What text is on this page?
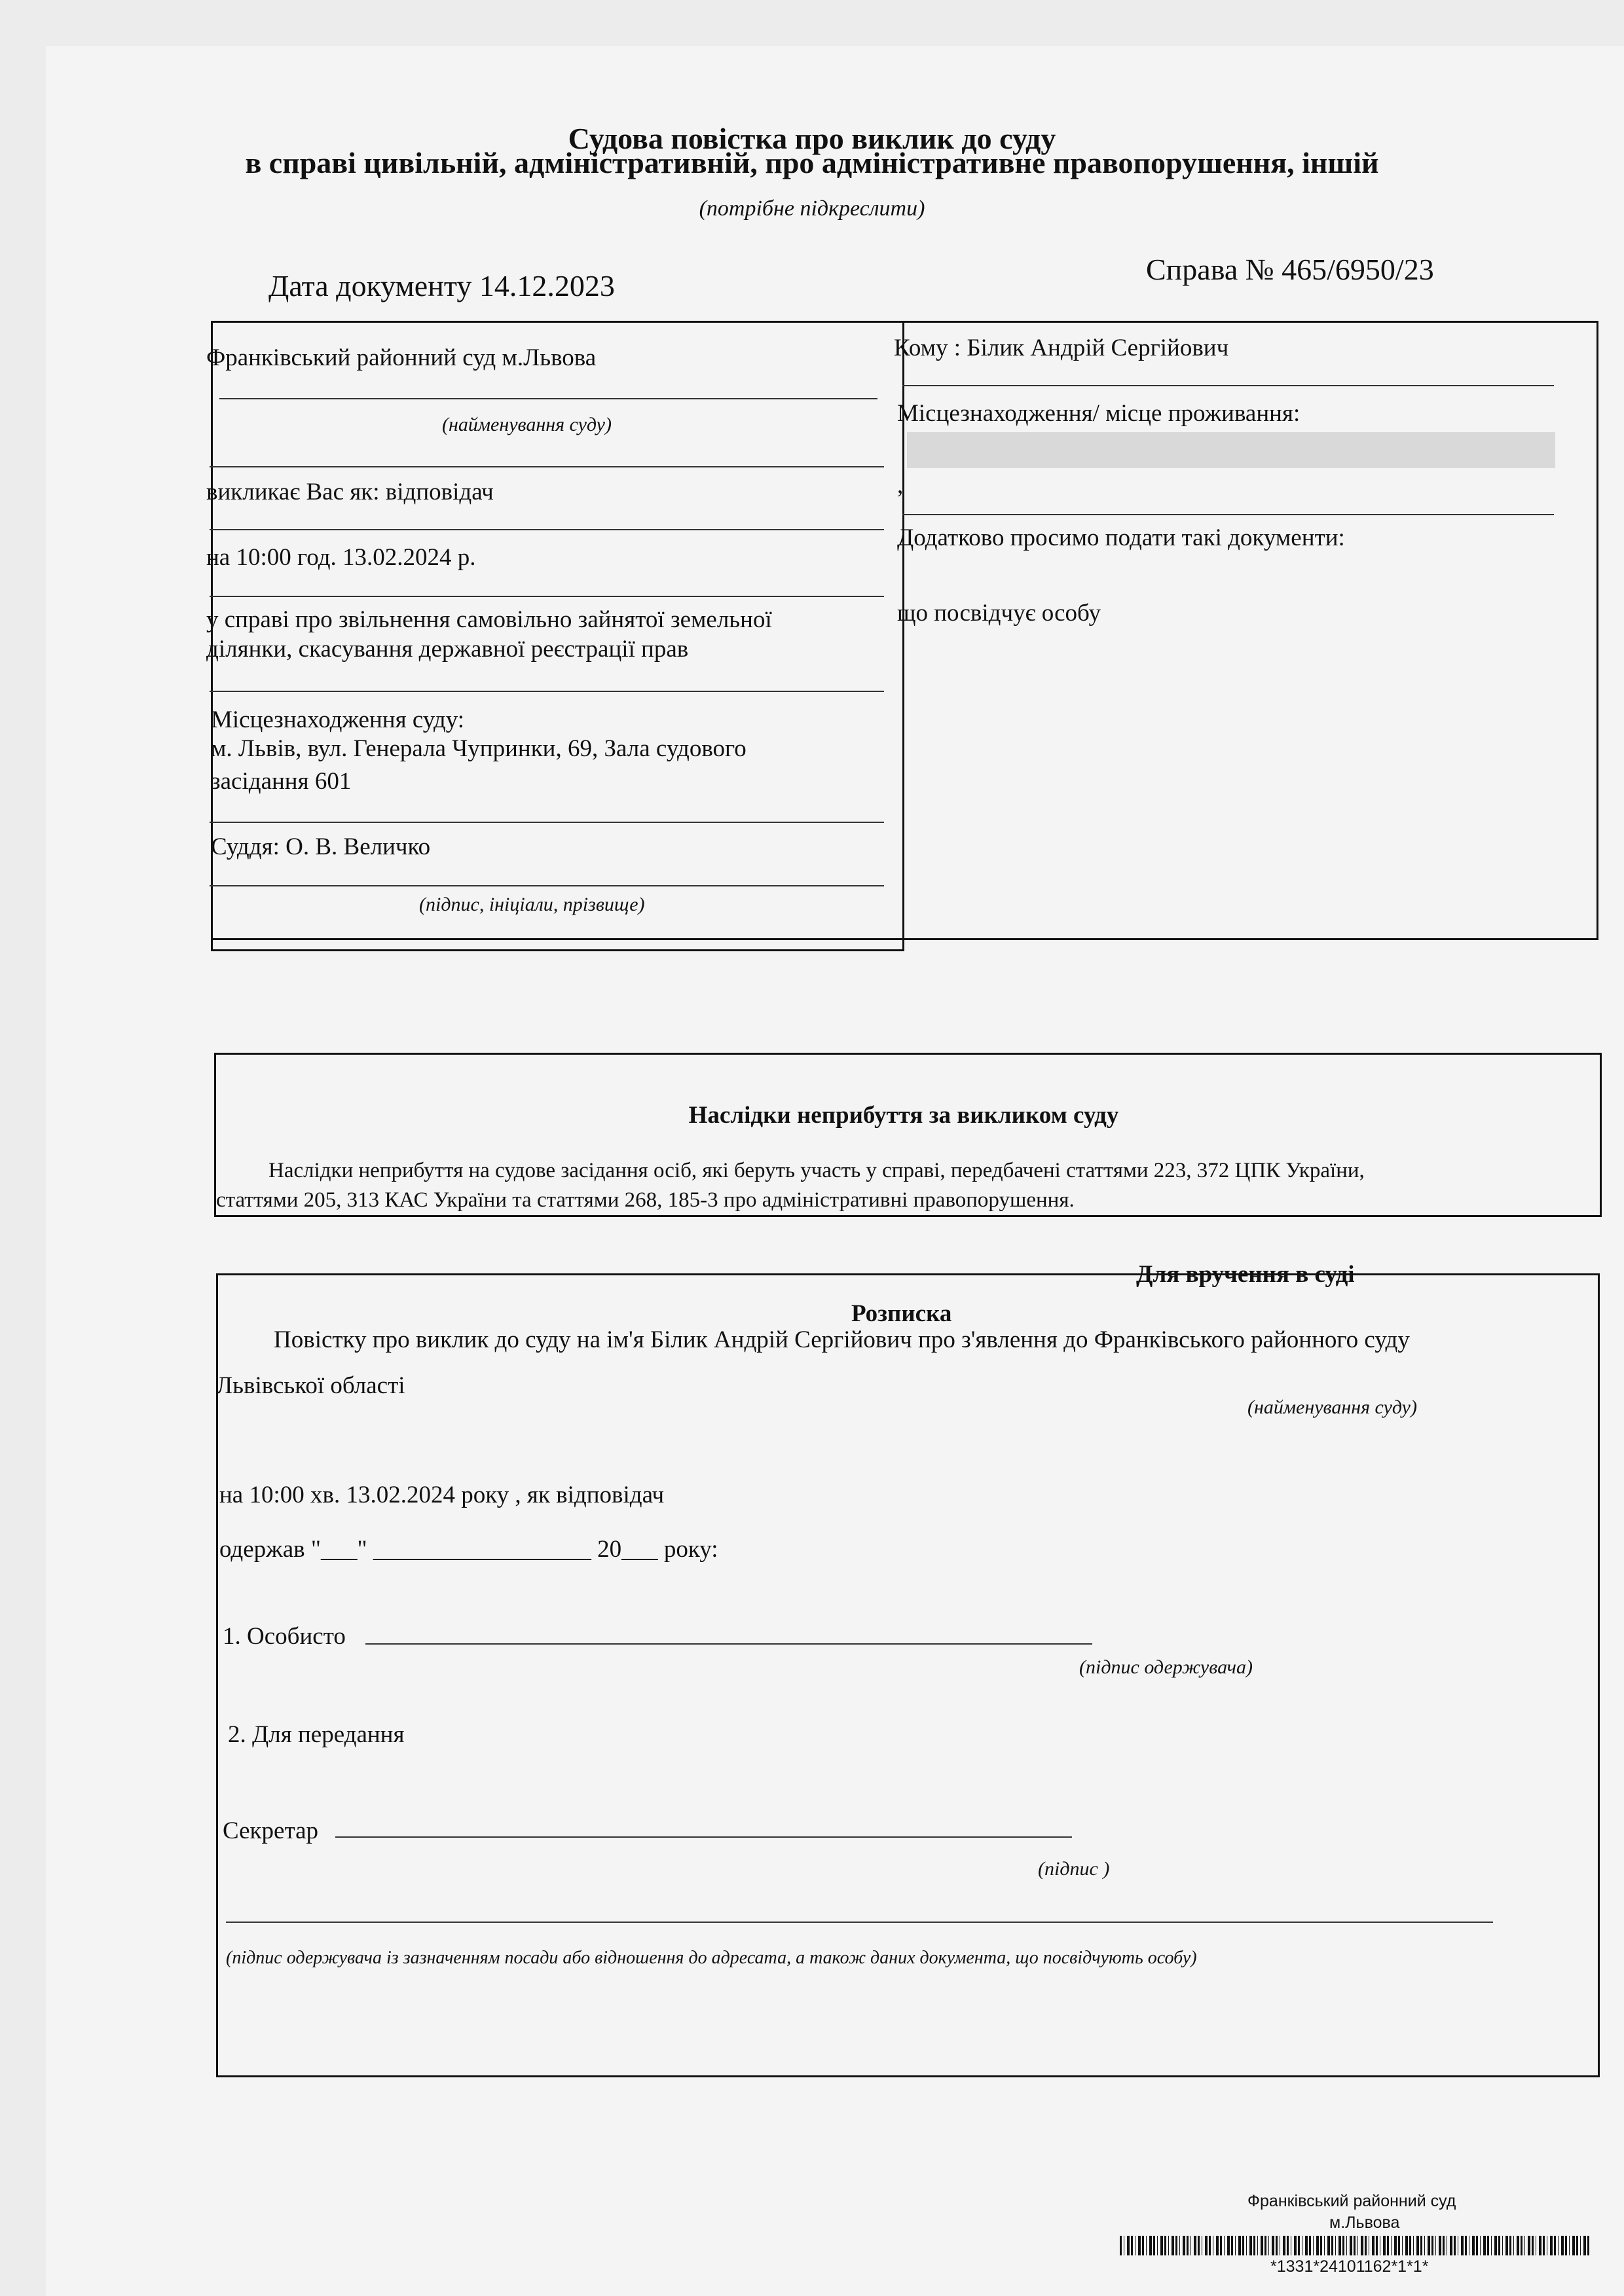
Судова повістка про виклик до суду
в справі цивільній, адміністративній, про адміністративне правопорушення, іншій
(потрібне підкреслити)
Дата документу 14.12.2023	Справа № 465/6950/23
Франківський районний суд м.Львова
(найменування суду)
викликає Вас як: відповідач
на 10:00 год. 13.02.2024 р.
у справі про звільнення самовільно зайнятої земельної
ділянки, скасування державної реєстрації прав
Місцезнаходження суду:
м. Львів, вул. Генерала Чупринки, 69, Зала судового
засідання 601
Суддя: О. В. Величко
(підпис, ініціали, прізвище)
Кому : Білик Андрій Сергійович
Місцезнаходження/ місце проживання:
,
Додатково просимо подати такі документи:
що посвідчує особу
Наслідки неприбуття за викликом суду
Наслідки неприбуття на судове засідання осіб, які беруть участь у справі, передбачені статтями 223, 372 ЦПК України,
статтями 205, 313 КАС України та статтями 268, 185-3 про адміністративні правопорушення.
Для вручення в суді
Розписка
Повістку про виклик до суду на ім'я Білик Андрій Сергійович про з'явлення до Франківського районного суду
Львівської області
(найменування суду)
на 10:00 хв. 13.02.2024 року , як відповідач
одержав "___" __________________ 20___ року:
1. Особисто
(підпис одержувача)
2. Для передання
Секретар
(підпис )
(підпис одержувача із зазначенням посади або відношення до адресата, а також даних документа, що посвідчують особу)
Франківський районний суд
м.Львова
*1331*24101162*1*1*
